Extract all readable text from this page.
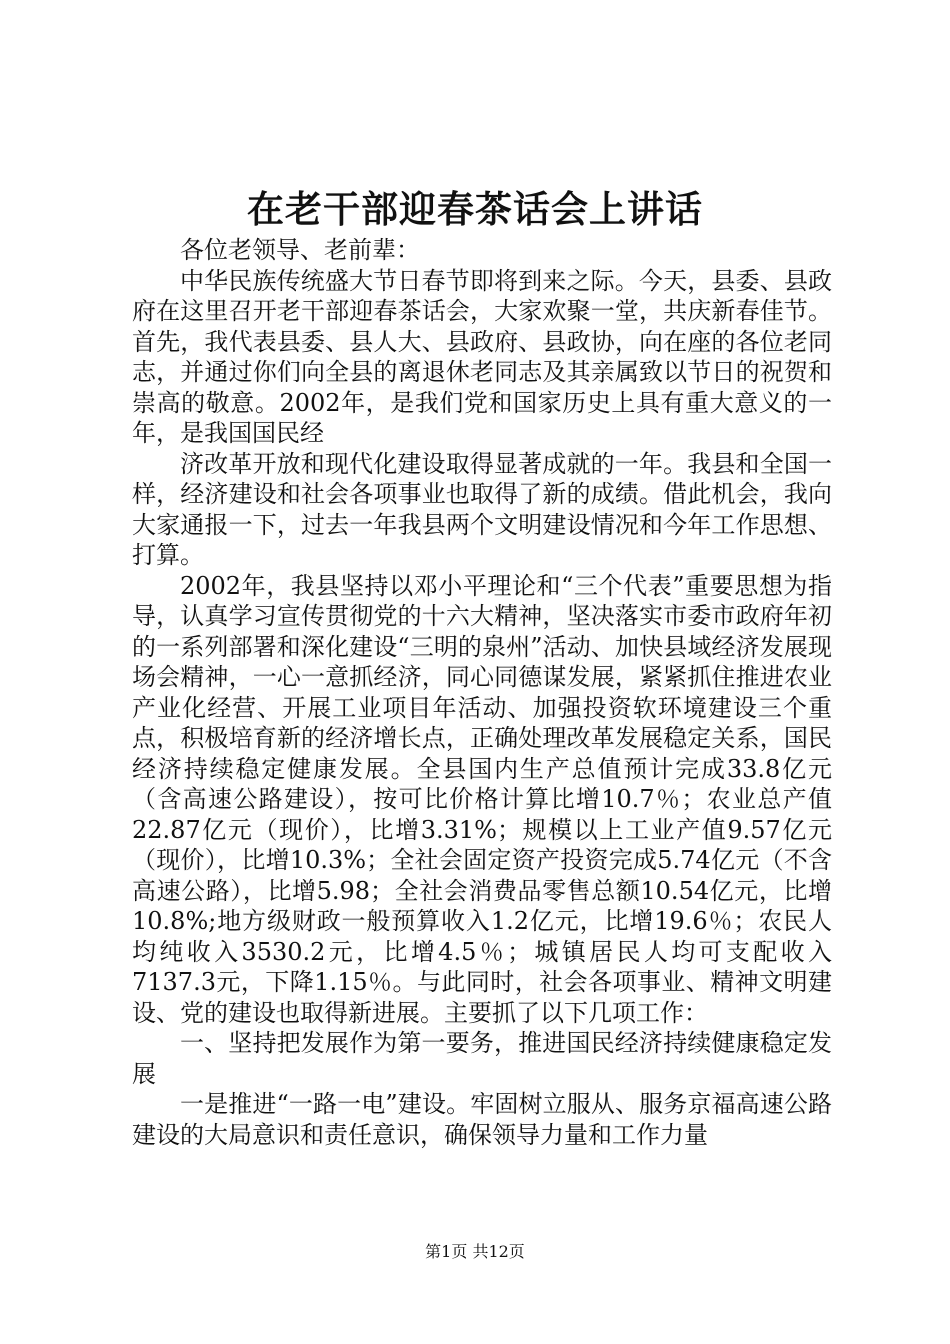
在老干部迎春茶话会上讲话

各位老领导、老前辈：

中华民族传统盛大节日春节即将到来之际。今天，县委、县政府在这里召开老干部迎春茶话会，大家欢聚一堂，共庆新春佳节。首先，我代表县委、县人大、县政府、县政协，向在座的各位老同志，并通过你们向全县的离退休老同志及其亲属致以节日的祝贺和崇高的敬意。2002年，是我们党和国家历史上具有重大意义的一年，是我国国民经

济改革开放和现代化建设取得显著成就的一年。我县和全国一样，经济建设和社会各项事业也取得了新的成绩。借此机会，我向大家通报一下，过去一年我县两个文明建设情况和今年工作思想、打算。

2002年，我县坚持以邓小平理论和“三个代表”重要思想为指导，认真学习宣传贯彻党的十六大精神，坚决落实市委市政府年初的一系列部署和深化建设“三明的泉州”活动、加快县域经济发展现场会精神，一心一意抓经济，同心同德谋发展，紧紧抓住推进农业产业化经营、开展工业项目年活动、加强投资软环境建设三个重点，积极培育新的经济增长点，正确处理改革发展稳定关系，国民经济持续稳定健康发展。全县国内生产总值预计完成33.8亿元（含高速公路建设），按可比价格计算比增10.7％；农业总产值22.87亿元（现价），比增3.31%；规模以上工业产值9.57亿元（现价），比增10.3%；全社会固定资产投资完成5.74亿元（不含高速公路），比增5.98；全社会消费品零售总额10.54亿元，比增10.8%;地方级财政一般预算收入1.2亿元，比增19.6％；农民人均纯收入3530.2元，比增4.5％；城镇居民人均可支配收入7137.3元，下降1.15％。与此同时，社会各项事业、精神文明建设、党的建设也取得新进展。主要抓了以下几项工作：

一、坚持把发展作为第一要务，推进国民经济持续健康稳定发展

一是推进“一路一电”建设。牢固树立服从、服务京福高速公路建设的大局意识和责任意识，确保领导力量和工作力量

第1页 共12页
